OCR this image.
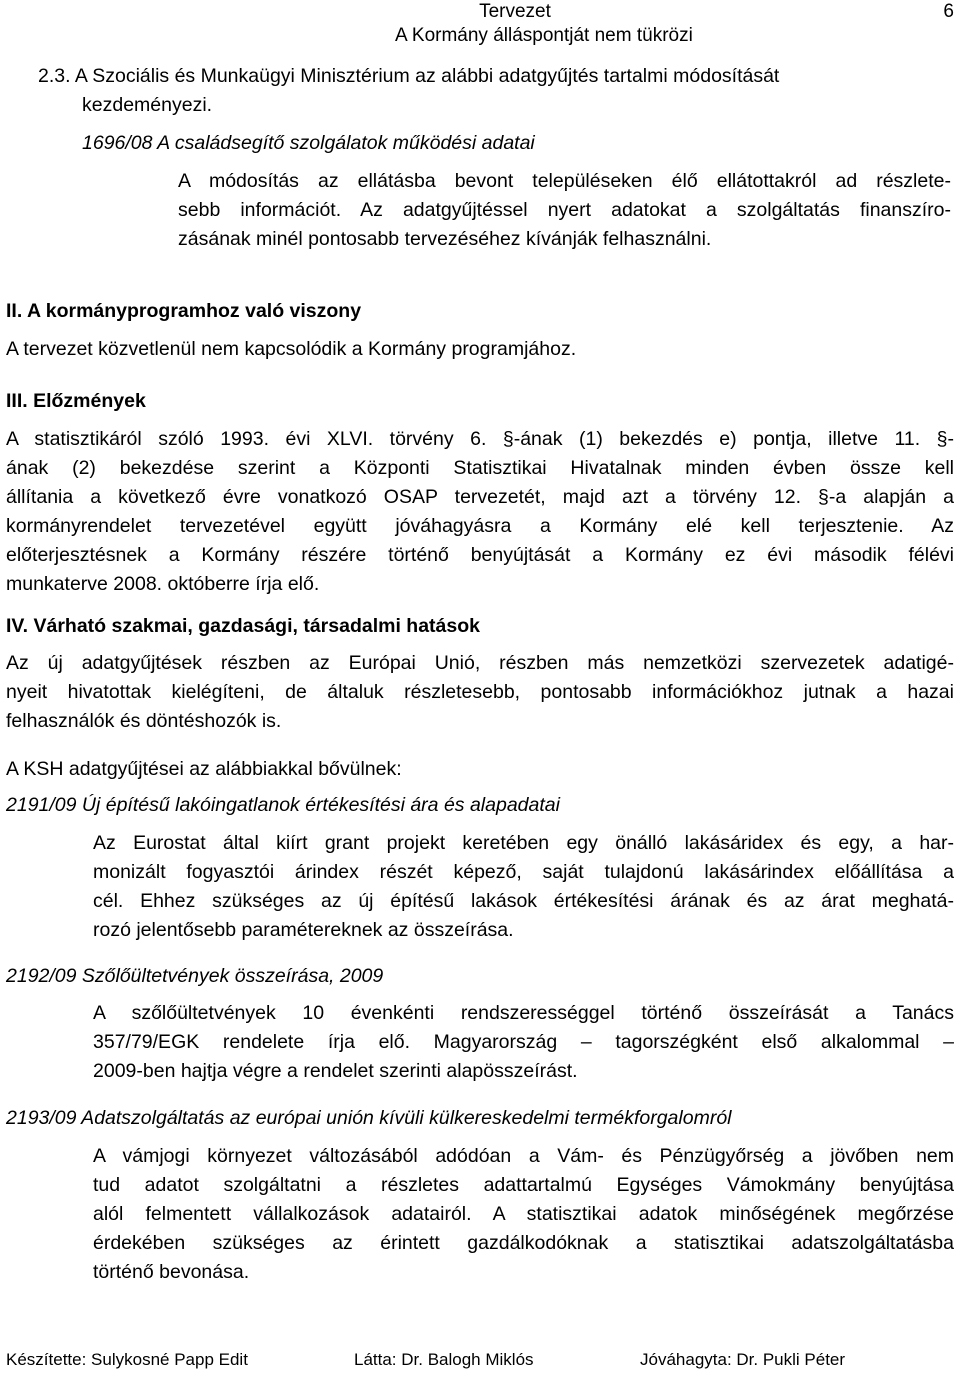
Tervezet
A Kormány álláspontját nem tükrözi
6
2.3. A Szociális és Munkaügyi Minisztérium az alábbi adatgyűjtés tartalmi módosítását
kezdeményezi.
1696/08 A családsegítő szolgálatok működési adatai
A módosítás az ellátásba bevont településeken élő ellátottakról ad részlete-
sebb információt. Az adatgyűjtéssel nyert adatokat a szolgáltatás finanszíro-
zásának minél pontosabb tervezéséhez kívánják felhasználni.
II. A kormányprogramhoz való viszony
A tervezet közvetlenül nem kapcsolódik a Kormány programjához.
III. Előzmények
A statisztikáról szóló 1993. évi XLVI. törvény 6. §-ának (1) bekezdés e) pontja, illetve 11. §-
ának (2) bekezdése szerint a Központi Statisztikai Hivatalnak minden évben össze kell
állítania a következő évre vonatkozó OSAP tervezetét, majd azt a törvény 12. §-a alapján a
kormányrendelet tervezetével együtt jóváhagyásra a Kormány elé kell terjesztenie. Az
előterjesztésnek a Kormány részére történő benyújtását a Kormány ez évi második félévi
munkaterve 2008. októberre írja elő.
IV. Várható szakmai, gazdasági, társadalmi hatások
Az új adatgyűjtések részben az Európai Unió, részben más nemzetközi szervezetek adatigé-
nyeit hivatottak kielégíteni, de általuk részletesebb, pontosabb információkhoz jutnak a hazai
felhasználók és döntéshozók is.
A KSH adatgyűjtései az alábbiakkal bővülnek:
2191/09 Új építésű lakóingatlanok értékesítési ára és alapadatai
Az Eurostat által kiírt grant projekt keretében egy önálló lakásáridex és egy, a har-
monizált fogyasztói árindex részét képező, saját tulajdonú lakásárindex előállítása a
cél. Ehhez szükséges az új építésű lakások értékesítési árának és az árat meghatá-
rozó jelentősebb paramétereknek az összeírása.
2192/09 Szőlőültetvények összeírása, 2009
A szőlőültetvények 10 évenkénti rendszerességgel történő összeírását a Tanács
357/79/EGK rendelete írja elő. Magyarország – tagorszégként első alkalommal –
2009-ben hajtja végre a rendelet szerinti alapösszeírást.
2193/09 Adatszolgáltatás az európai unión kívüli külkereskedelmi termékforgalomról
A vámjogi környezet változásából adódóan a Vám- és Pénzügyőrség a jövőben nem
tud adatot szolgáltatni a részletes adattartalmú Egységes Vámokmány benyújtása
alól felmentett vállalkozások adatairól. A statisztikai adatok minőségének megőrzése
érdekében szükséges az érintett gazdálkodóknak a statisztikai adatszolgáltatásba
történő bevonása.
Készítette: Sulykosné Papp Edit	Látta: Dr. Balogh Miklós	Jóváhagyta: Dr. Pukli Péter
